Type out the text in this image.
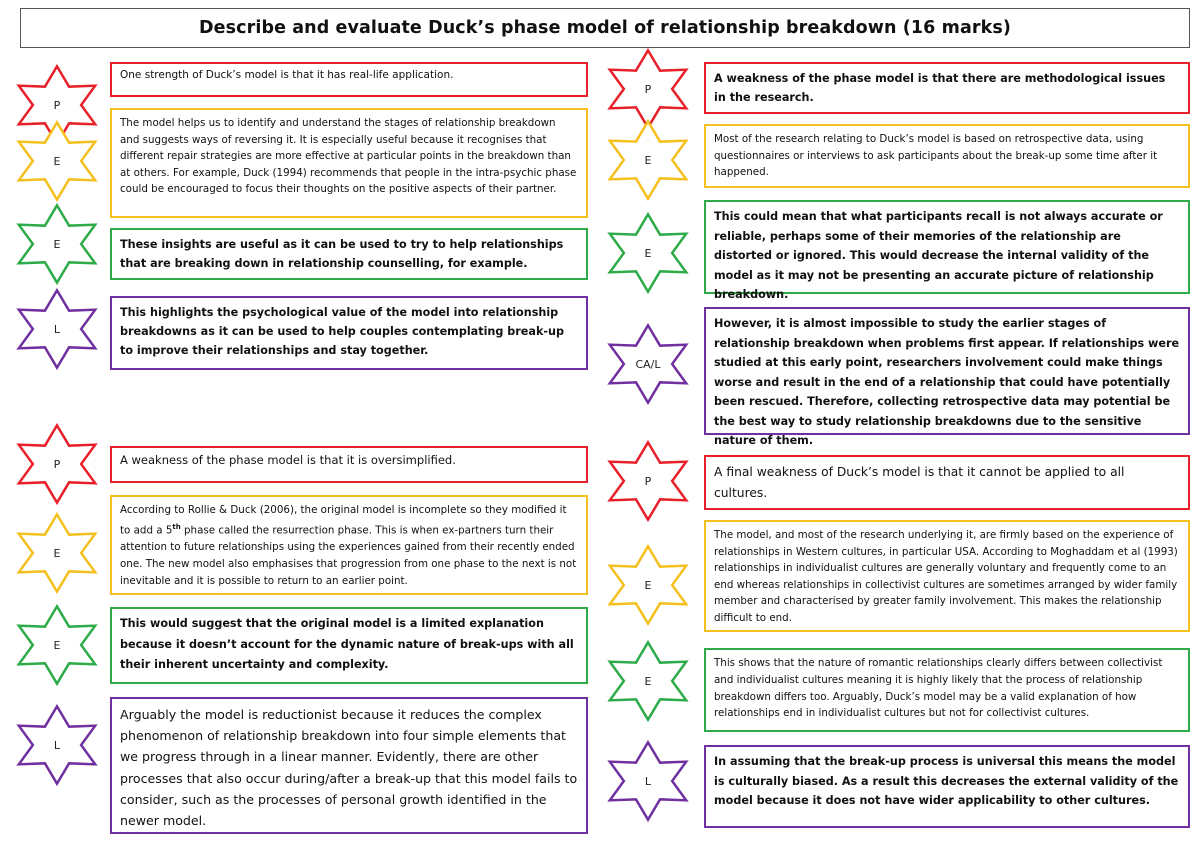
Describe and evaluate Duck’s phase model of relationship breakdown (16 marks)
P
One strength of Duck’s model is that it has real-life application.
E
The model helps us to identify and understand the stages of relationship breakdown and suggests ways of reversing it. It is especially useful because it recognises that different repair strategies are more effective at particular points in the breakdown than at others. For example, Duck (1994) recommends that people in the intra-psychic phase could be encouraged to focus their thoughts on the positive aspects of their partner.
E	These insights are useful as it can be used to try to help relationships that are breaking down in relationship counselling, for example.
L
This highlights the psychological value of the model into relationship breakdowns as it can be used to help couples contemplating break-up to improve their relationships and stay together.
P	A weakness of the phase model is that it is oversimplified.
E
According to Rollie & Duck (2006), the original model is incomplete so they modified it to add a 5th phase called the resurrection phase. This is when ex-partners turn their attention to future relationships using the experiences gained from their recently ended one. The new model also emphasises that progression from one phase to the next is not inevitable and it is possible to return to an earlier point.
E
This would suggest that the original model is a limited explanation because it doesn’t account for the dynamic nature of break-ups with all their inherent uncertainty and complexity.
L
Arguably the model is reductionist because it reduces the complex phenomenon of relationship breakdown into four simple elements that we progress through in a linear manner. Evidently, there are other processes that also occur during/after a break-up that this model fails to consider, such as the processes of personal growth identified in the newer model.
P
A weakness of the phase model is that there are methodological issues in the research.
E
Most of the research relating to Duck’s model is based on retrospective data, using questionnaires or interviews to ask participants about the break-up some time after it happened.
E
This could mean that what participants recall is not always accurate or reliable, perhaps some of their memories of the relationship are distorted or ignored. This would decrease the internal validity of the model as it may not be presenting an accurate picture of relationship breakdown.
CA/L
However, it is almost impossible to study the earlier stages of relationship breakdown when problems first appear. If relationships were studied at this early point, researchers involvement could make things worse and result in the end of a relationship that could have potentially been rescued. Therefore, collecting retrospective data may potential be the best way to study relationship breakdowns due to the sensitive nature of them.
P
A final weakness of Duck’s model is that it cannot be applied to all cultures.
E
The model, and most of the research underlying it, are firmly based on the experience of relationships in Western cultures, in particular USA. According to Moghaddam et al (1993) relationships in individualist cultures are generally voluntary and frequently come to an end whereas relationships in collectivist cultures are sometimes arranged by wider family member and characterised by greater family involvement. This makes the relationship difficult to end.
E
This shows that the nature of romantic relationships clearly differs between collectivist and individualist cultures meaning it is highly likely that the process of relationship breakdown differs too. Arguably, Duck’s model may be a valid explanation of how relationships end in individualist cultures but not for collectivist cultures.
L
In assuming that the break-up process is universal this means the model is culturally biased. As a result this decreases the external validity of the model because it does not have wider applicability to other cultures.
